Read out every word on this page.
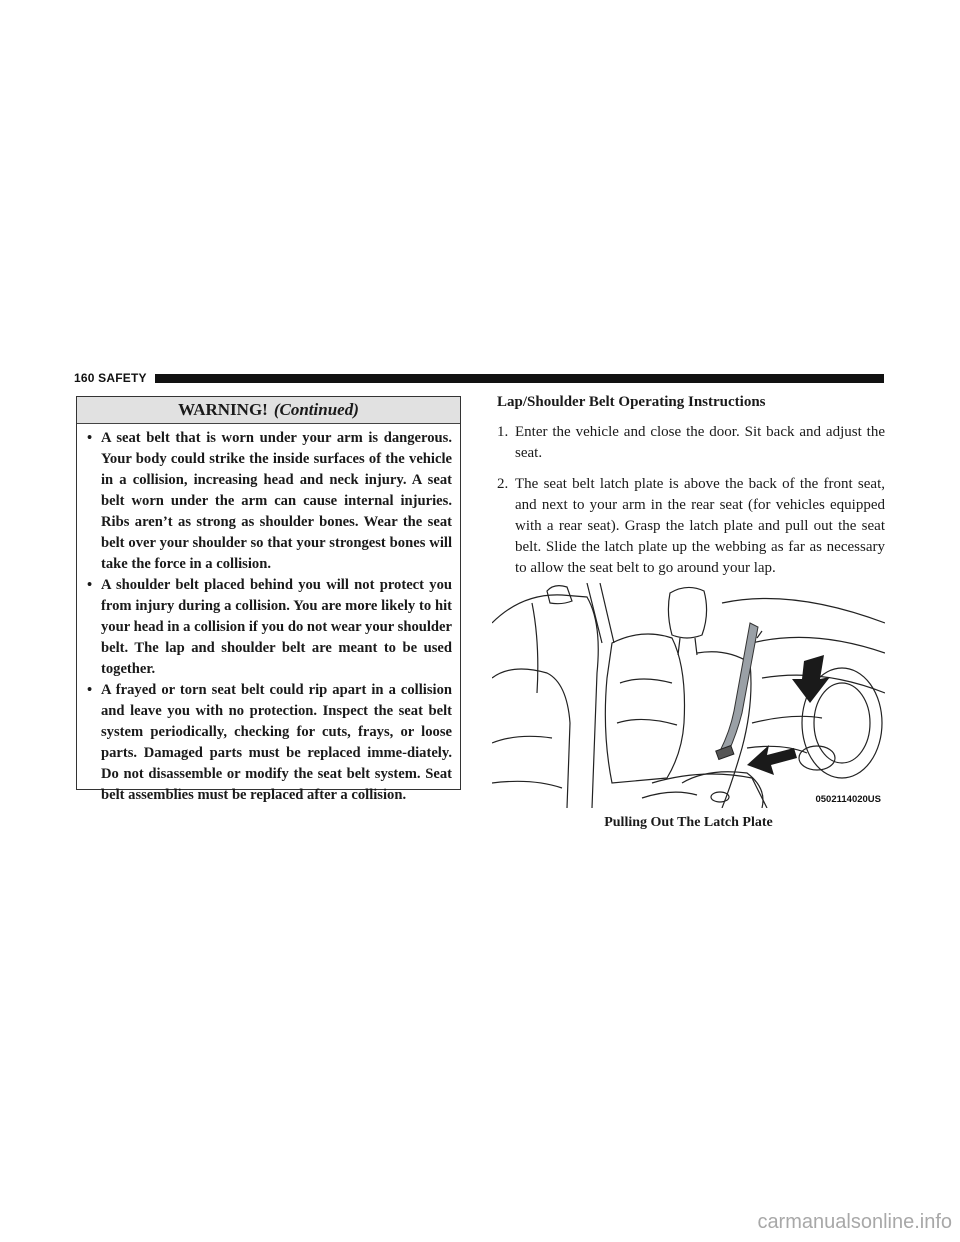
160 SAFETY
WARNING! (Continued)
• A seat belt that is worn under your arm is dangerous. Your body could strike the inside surfaces of the vehicle in a collision, increasing head and neck injury. A seat belt worn under the arm can cause internal injuries. Ribs aren’t as strong as shoulder bones. Wear the seat belt over your shoulder so that your strongest bones will take the force in a collision.
• A shoulder belt placed behind you will not protect you from injury during a collision. You are more likely to hit your head in a collision if you do not wear your shoulder belt. The lap and shoulder belt are meant to be used together.
• A frayed or torn seat belt could rip apart in a collision and leave you with no protection. Inspect the seat belt system periodically, checking for cuts, frays, or loose parts. Damaged parts must be replaced imme-diately. Do not disassemble or modify the seat belt system. Seat belt assemblies must be replaced after a collision.
Lap/Shoulder Belt Operating Instructions
1. Enter the vehicle and close the door. Sit back and adjust the seat.
2. The seat belt latch plate is above the back of the front seat, and next to your arm in the rear seat (for vehicles equipped with a rear seat). Grasp the latch plate and pull out the seat belt. Slide the latch plate up the webbing as far as necessary to allow the seat belt to go around your lap.
0502114020US
Pulling Out The Latch Plate
carmanualsonline.info
